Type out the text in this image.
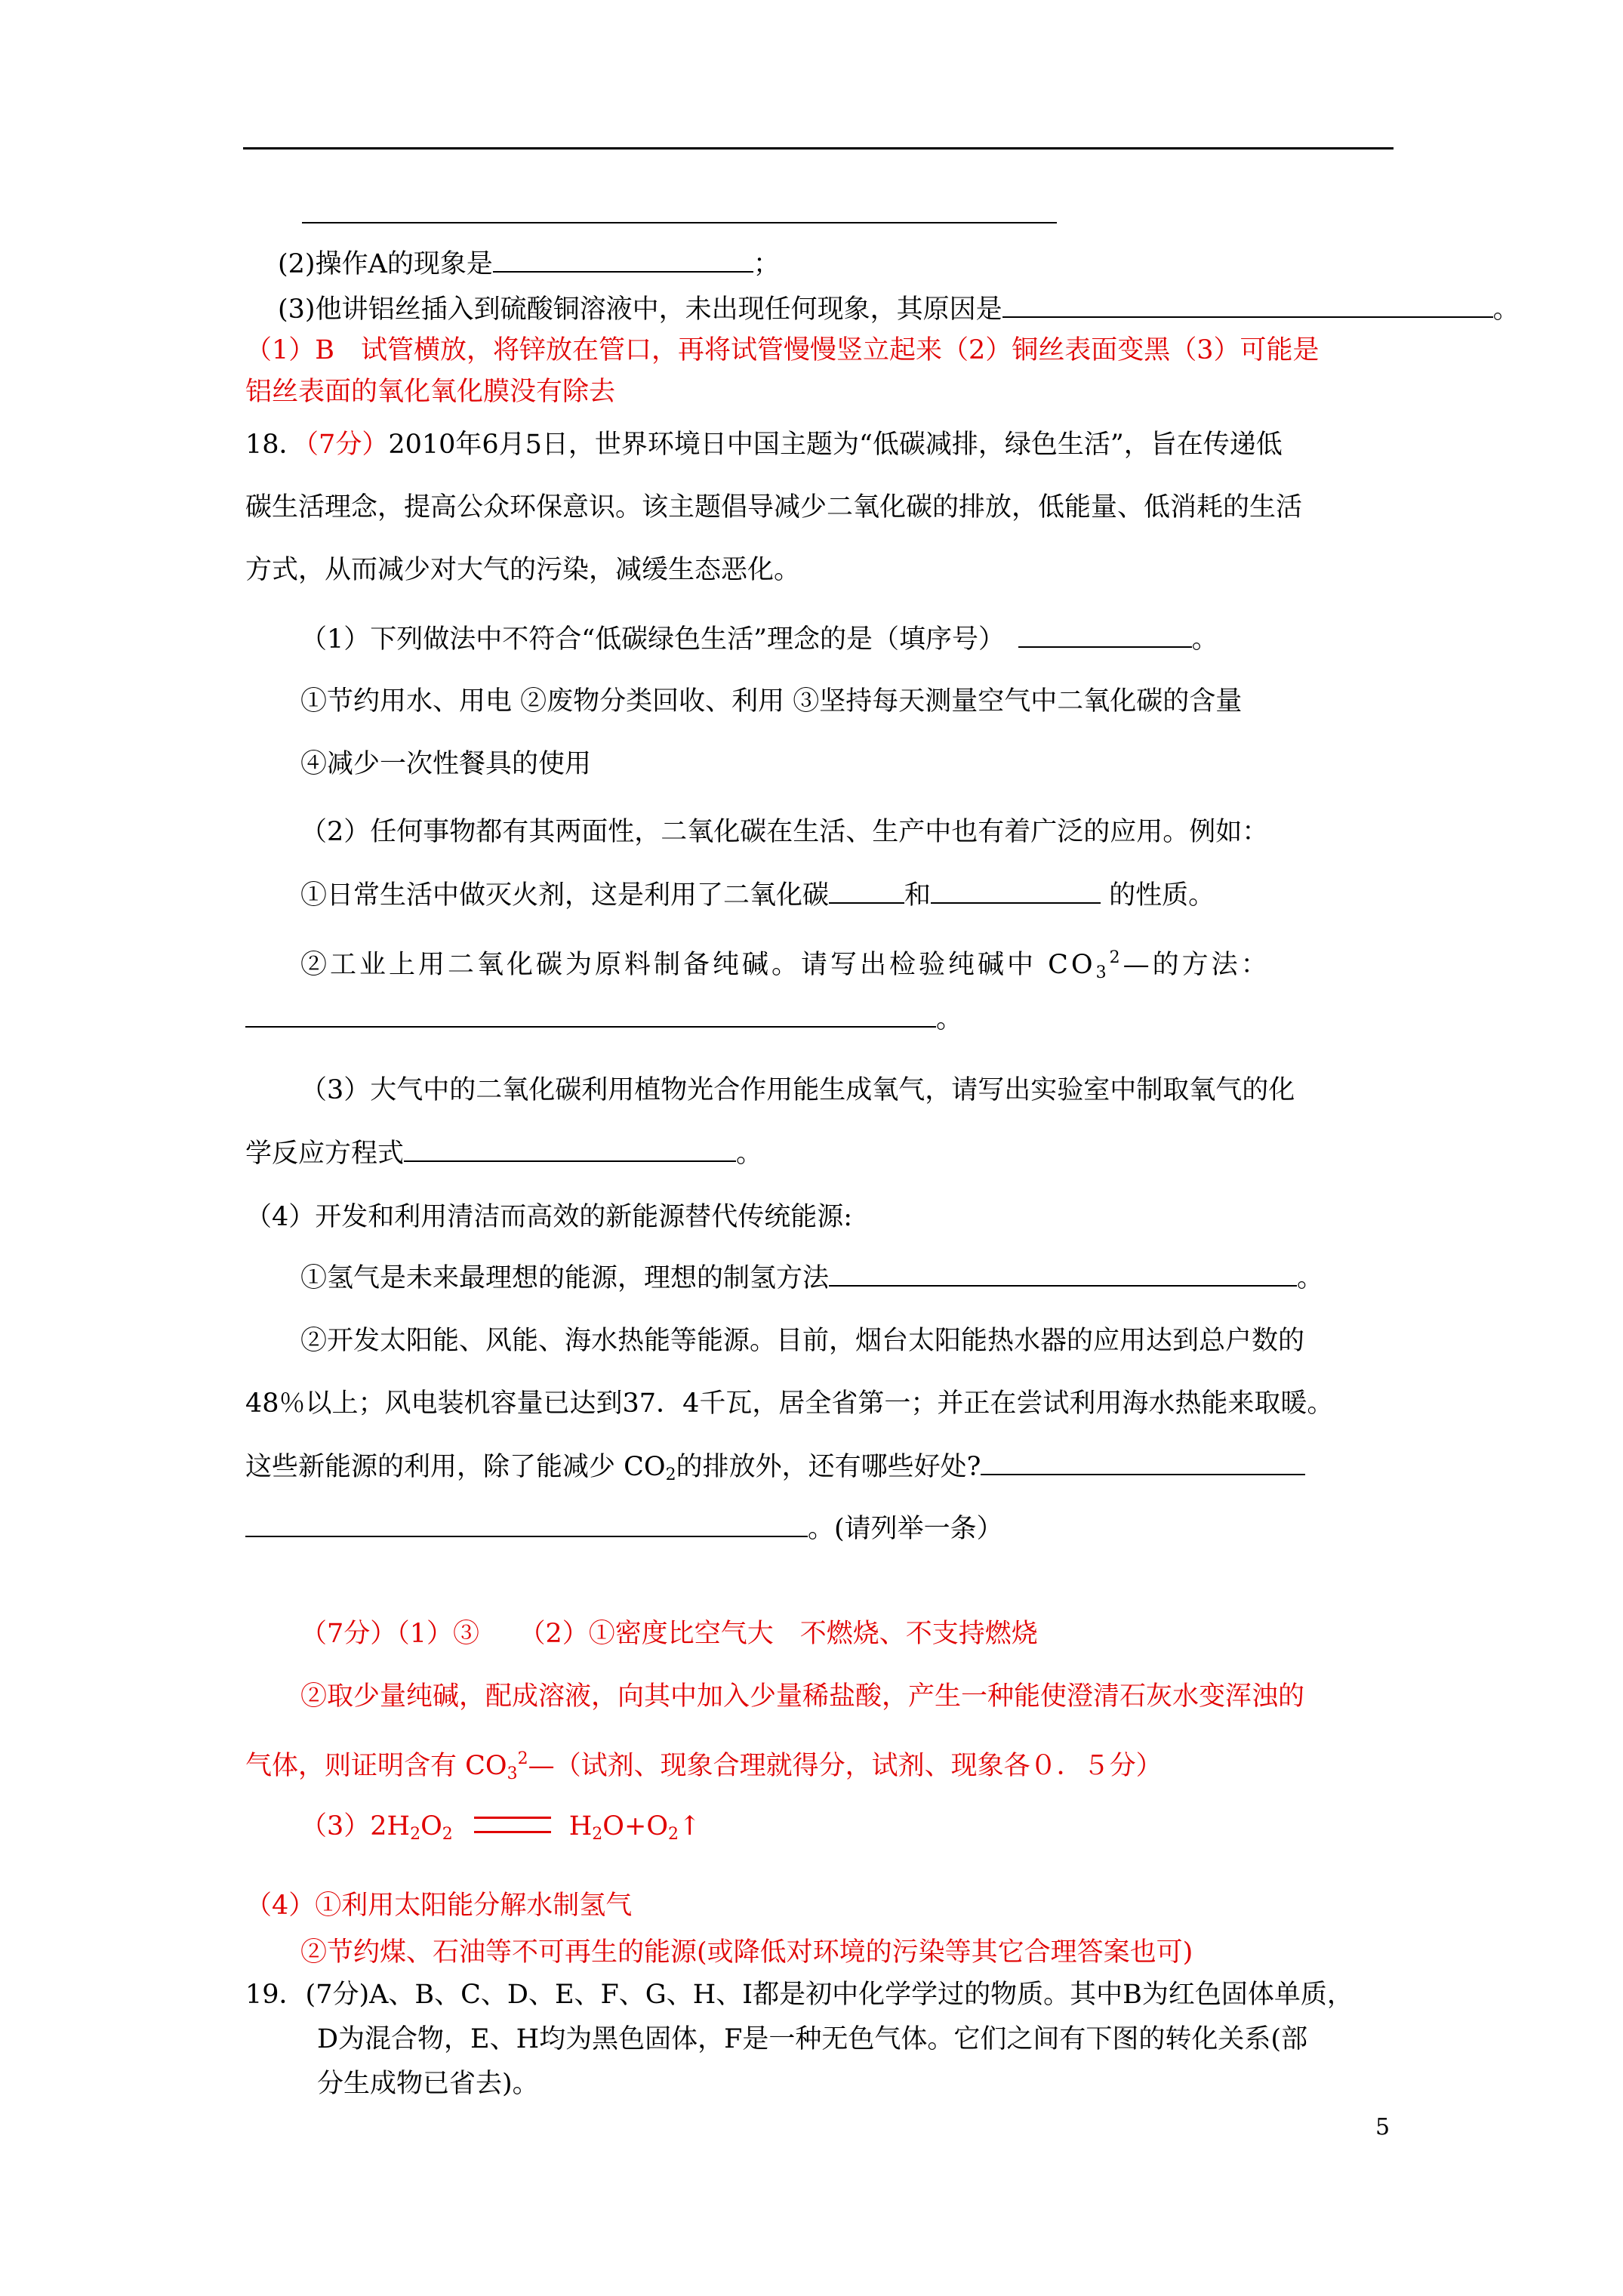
(2)操作A的现象是	；
(3)他讲铝丝插入到硫酸铜溶液中，未出现任何现象，其原因是	。
（1）B　试管横放，将锌放在管口，再将试管慢慢竖立起来（2）铜丝表面变黑（3）可能是
铝丝表面的氧化氧化膜没有除去
18．（7分）2010年6月5日，世界环境日中国主题为“低碳减排，绿色生活”，旨在传递低
碳生活理念，提高公众环保意识。该主题倡导减少二氧化碳的排放，低能量、低消耗的生活
方式，从而减少对大气的污染，减缓生态恶化。
（1）下列做法中不符合“低碳绿色生活”理念的是（填序号）　	。
①节约用水、用电 ②废物分类回收、利用 ③坚持每天测量空气中二氧化碳的含量
④减少一次性餐具的使用
（2）任何事物都有其两面性，二氧化碳在生活、生产中也有着广泛的应用。例如：
①日常生活中做灭火剂，这是利用了二氧化碳	和	的性质。
②工业上用二氧化碳为原料制备纯碱。请写出检验纯碱中 $CO_3^2—$的方法：
。
（3）大气中的二氧化碳利用植物光合作用能生成氧气，请写出实验室中制取氧气的化
学反应方程式	。
（4）开发和利用清洁而高效的新能源替代传统能源:
①氢气是未来最理想的能源，理想的制氢方法	。
②开发太阳能、风能、海水热能等能源。目前，烟台太阳能热水器的应用达到总户数的
48％以上；风电装机容量已达到37．4千瓦，居全省第一；并正在尝试利用海水热能来取暖。
这些新能源的利用，除了能减少 $CO_2$的排放外，还有哪些好处?
。(请列举一条）
（7分）（1）③　　（2）①密度比空气大　不燃烧、不支持燃烧
②取少量纯碱，配成溶液，向其中加入少量稀盐酸，产生一种能使澄清石灰水变浑浊的
气体，则证明含有 $CO_3^2—$（试剂、现象合理就得分，试剂、现象各０．５分）
$(3)2H_2O_2$	$H_2O+O_2↑$
（4）①利用太阳能分解水制氢气
②节约煤、石油等不可再生的能源(或降低对环境的污染等其它合理答案也可)
19．(7分)A、B、C、D、E、F、G、H、I都是初中化学学过的物质。其中B为红色固体单质，
D为混合物，E、H均为黑色固体，F是一种无色气体。它们之间有下图的转化关系(部
分生成物已省去)。
5
